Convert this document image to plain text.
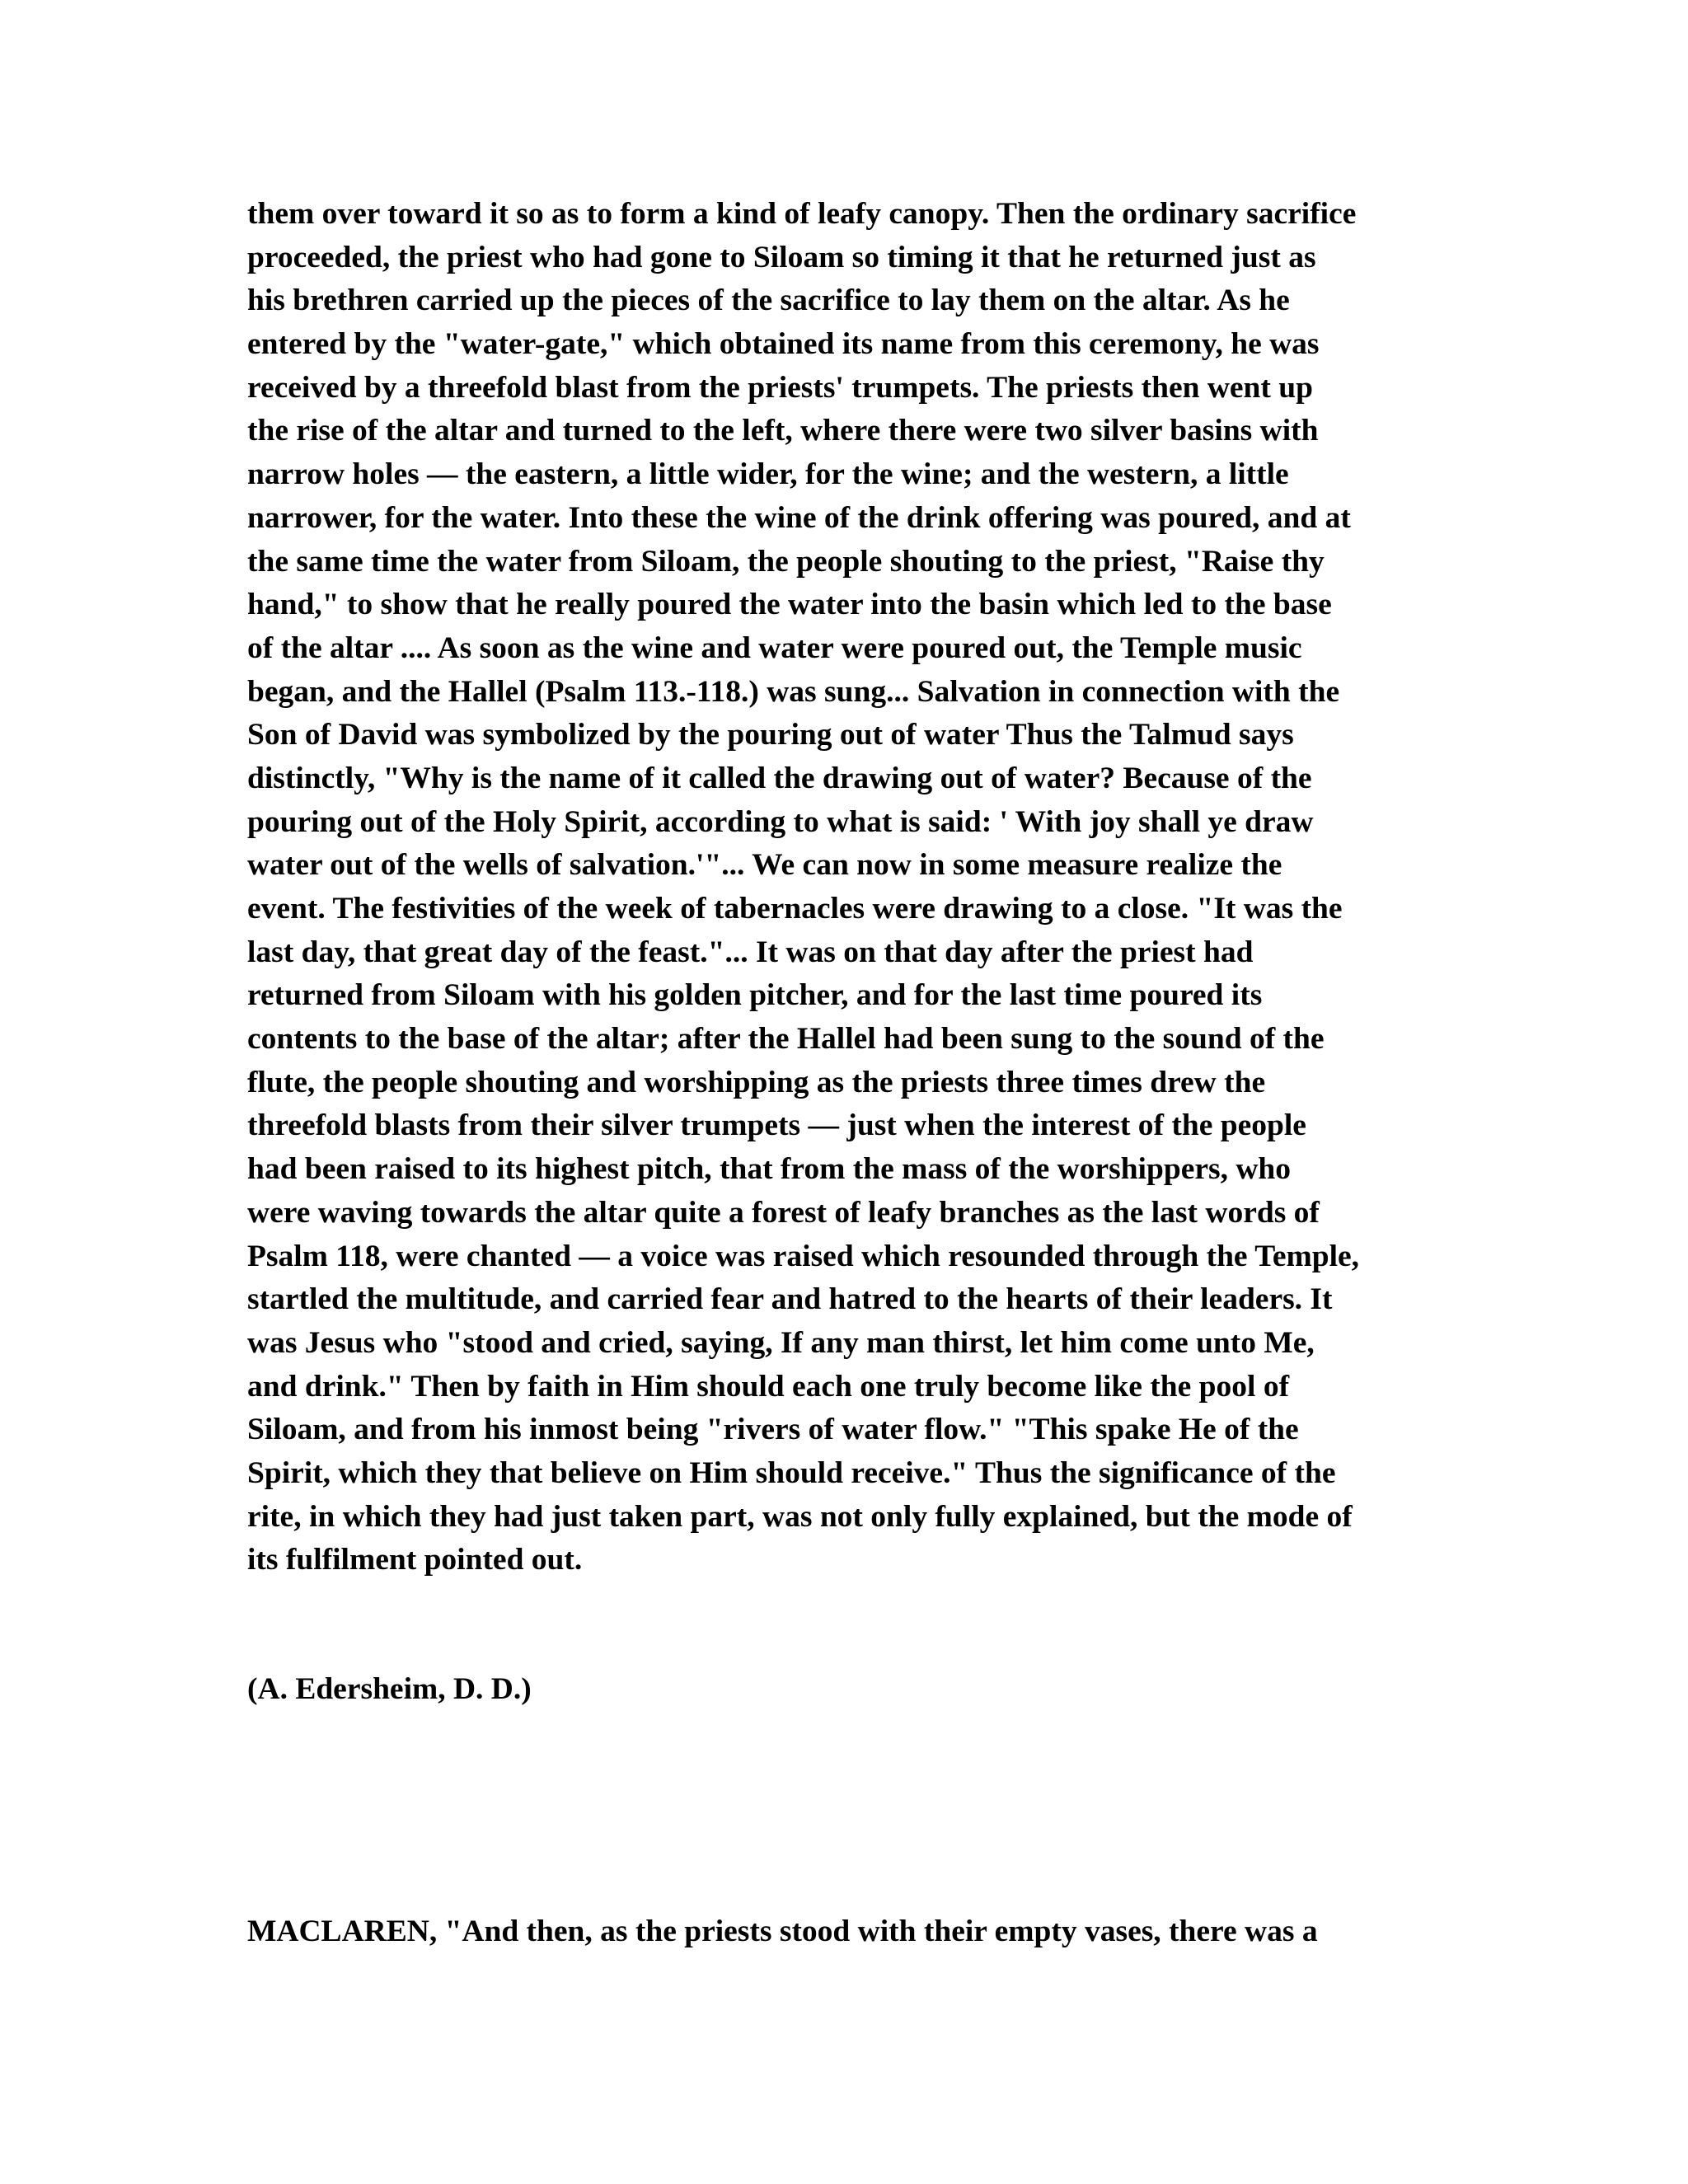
them over toward it so as to form a kind of leafy canopy. Then the ordinary sacrifice
proceeded, the priest who had gone to Siloam so timing it that he returned just as
his brethren carried up the pieces of the sacrifice to lay them on the altar. As he
entered by the "water-gate," which obtained its name from this ceremony, he was
received by a threefold blast from the priests' trumpets. The priests then went up
the rise of the altar and turned to the left, where there were two silver basins with
narrow holes — the eastern, a little wider, for the wine; and the western, a little
narrower, for the water. Into these the wine of the drink offering was poured, and at
the same time the water from Siloam, the people shouting to the priest, "Raise thy
hand," to show that he really poured the water into the basin which led to the base
of the altar .... As soon as the wine and water were poured out, the Temple music
began, and the Hallel (Psalm 113.-118.) was sung... Salvation in connection with the
Son of David was symbolized by the pouring out of water Thus the Talmud says
distinctly, "Why is the name of it called the drawing out of water? Because of the
pouring out of the Holy Spirit, according to what is said: ' With joy shall ye draw
water out of the wells of salvation.'"... We can now in some measure realize the
event. The festivities of the week of tabernacles were drawing to a close. "It was the
last day, that great day of the feast."... It was on that day after the priest had
returned from Siloam with his golden pitcher, and for the last time poured its
contents to the base of the altar; after the Hallel had been sung to the sound of the
flute, the people shouting and worshipping as the priests three times drew the
threefold blasts from their silver trumpets — just when the interest of the people
had been raised to its highest pitch, that from the mass of the worshippers, who
were waving towards the altar quite a forest of leafy branches as the last words of
Psalm 118, were chanted — a voice was raised which resounded through the Temple,
startled the multitude, and carried fear and hatred to the hearts of their leaders. It
was Jesus who "stood and cried, saying, If any man thirst, let him come unto Me,
and drink." Then by faith in Him should each one truly become like the pool of
Siloam, and from his inmost being "rivers of water flow." "This spake He of the
Spirit, which they that believe on Him should receive." Thus the significance of the
rite, in which they had just taken part, was not only fully explained, but the mode of
its fulfilment pointed out.
(A. Edersheim, D. D.)
MACLAREN, "And then, as the priests stood with their empty vases, there was a
